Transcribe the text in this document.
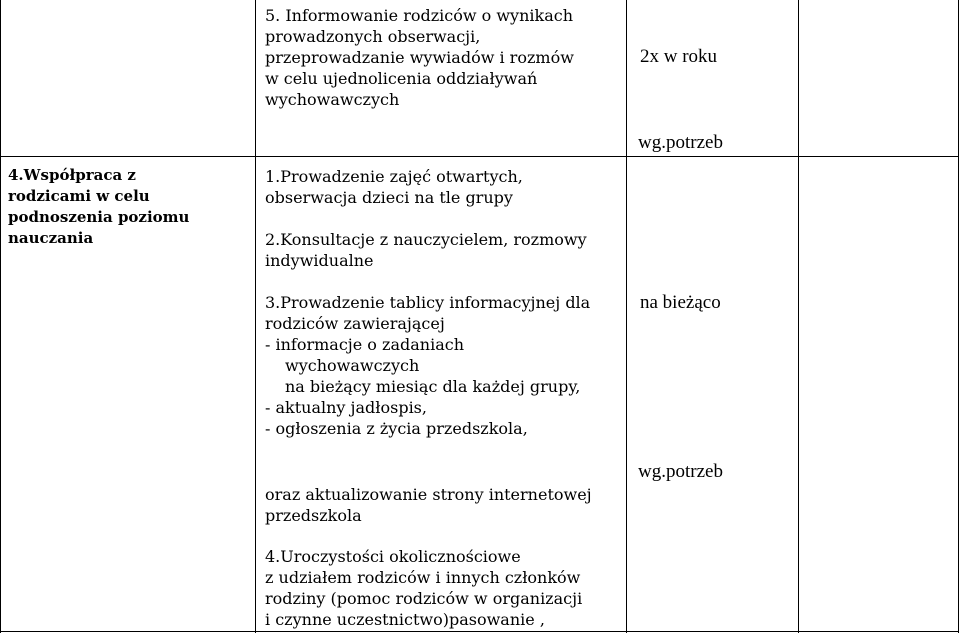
4.Współpraca z
rodzicami w celu
podnoszenia poziomu
nauczania
5. Informowanie rodziców o wynikach
prowadzonych obserwacji,
przeprowadzanie wywiadów i rozmów
w celu ujednolicenia oddziaływań
wychowawczych
2x w roku
wg.potrzeb
1.Prowadzenie zajęć otwartych,
obserwacja dzieci na tle grupy
2.Konsultacje z nauczycielem, rozmowy
indywidualne
3.Prowadzenie tablicy informacyjnej dla
rodziców zawierającej
- informacje o zadaniach
wychowawczych
na bieżący miesiąc dla każdej grupy,
- aktualny jadłospis,
- ogłoszenia z życia przedszkola,
na bieżąco
oraz aktualizowanie strony internetowej
przedszkola
wg.potrzeb
4.Uroczystości okolicznościowe
z udziałem rodziców i innych członków
rodziny (pomoc rodziców w organizacji
i czynne uczestnictwo)pasowanie ,
